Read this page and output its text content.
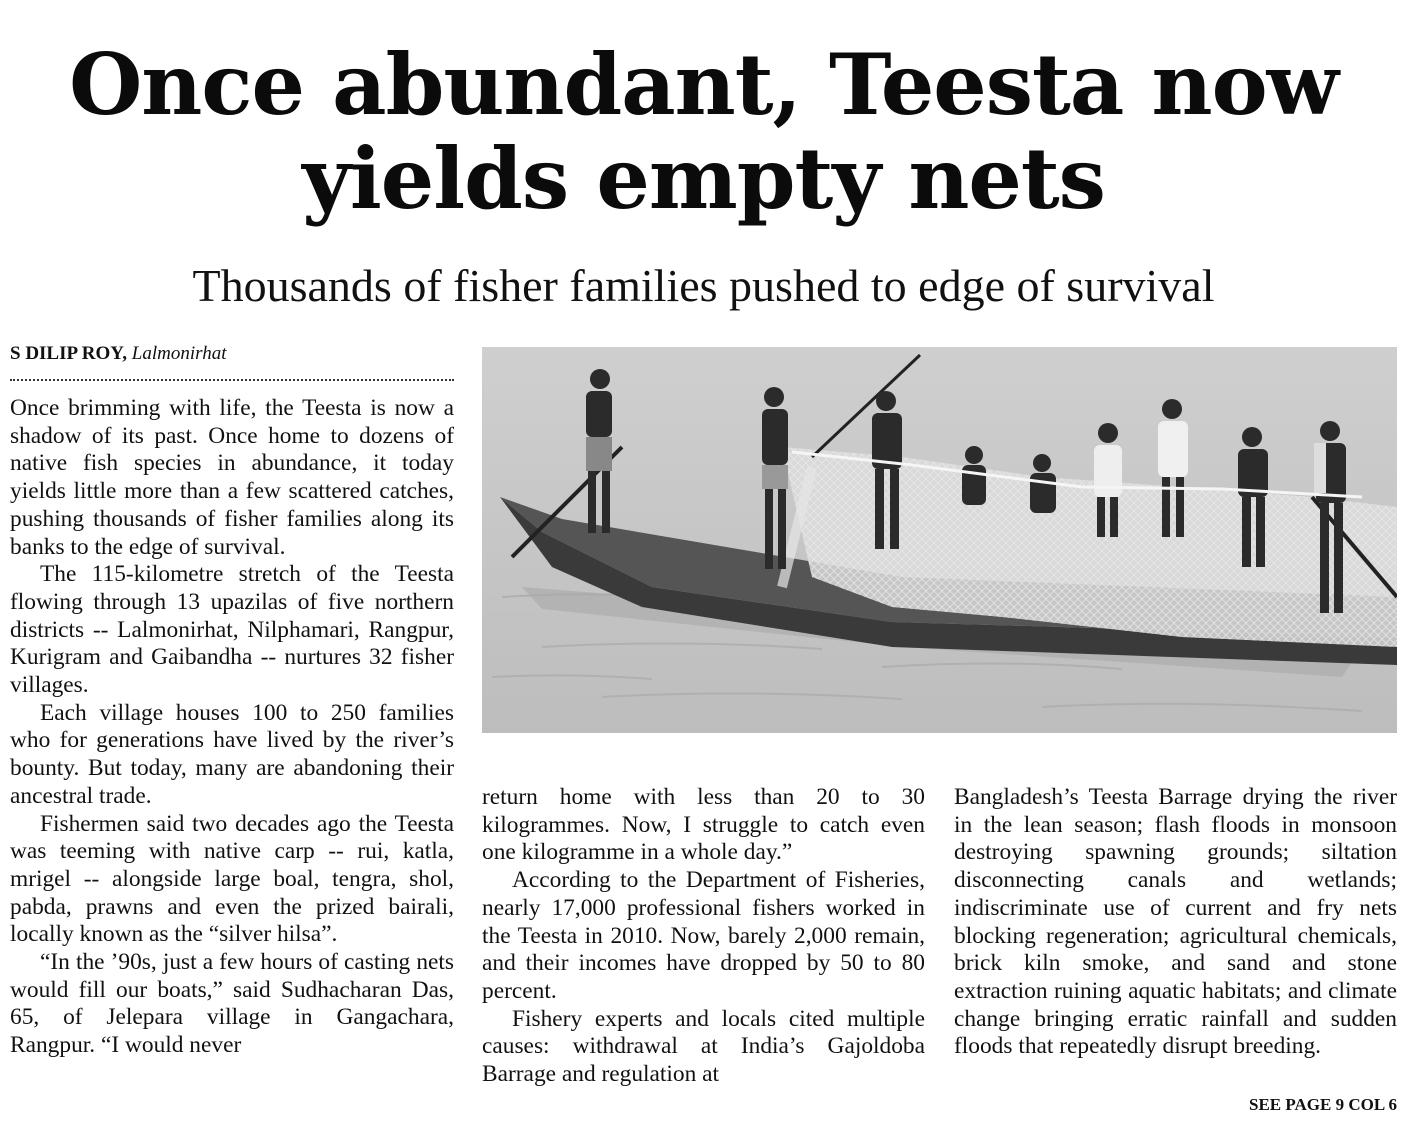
Once abundant, Teesta now yields empty nets
Thousands of fisher families pushed to edge of survival
S DILIP ROY, Lalmonirhat

Once brimming with life, the Teesta is now a shadow of its past. Once home to dozens of native fish species in abundance, it today yields little more than a few scattered catches, pushing thousands of fisher families along its banks to the edge of survival.

The 115-kilometre stretch of the Teesta flowing through 13 upazilas of five northern districts -- Lalmonirhat, Nilphamari, Rangpur, Kurigram and Gaibandha -- nurtures 32 fisher villages.

Each village houses 100 to 250 families who for generations have lived by the river’s bounty. But today, many are abandoning their ancestral trade.

Fishermen said two decades ago the Teesta was teeming with native carp -- rui, katla, mrigel -- alongside large boal, tengra, shol, pabda, prawns and even the prized bairali, locally known as the “silver hilsa”.

“In the ’90s, just a few hours of casting nets would fill our boats,” said Sudhacharan Das, 65, of Jelepara village in Gangachara, Rangpur. “I would never

return home with less than 20 to 30 kilogrammes. Now, I struggle to catch even one kilogramme in a whole day.”

According to the Department of Fisheries, nearly 17,000 professional fishers worked in the Teesta in 2010. Now, barely 2,000 remain, and their incomes have dropped by 50 to 80 percent.

Fishery experts and locals cited multiple causes: withdrawal at India’s Gajoldoba Barrage and regulation at

Bangladesh’s Teesta Barrage drying the river in the lean season; flash floods in monsoon destroying spawning grounds; siltation disconnecting canals and wetlands; indiscriminate use of current and fry nets blocking regeneration; agricultural chemicals, brick kiln smoke, and sand and stone extraction ruining aquatic habitats; and climate change bringing erratic rainfall and sudden floods that repeatedly disrupt breeding.

SEE PAGE 9 COL 6
